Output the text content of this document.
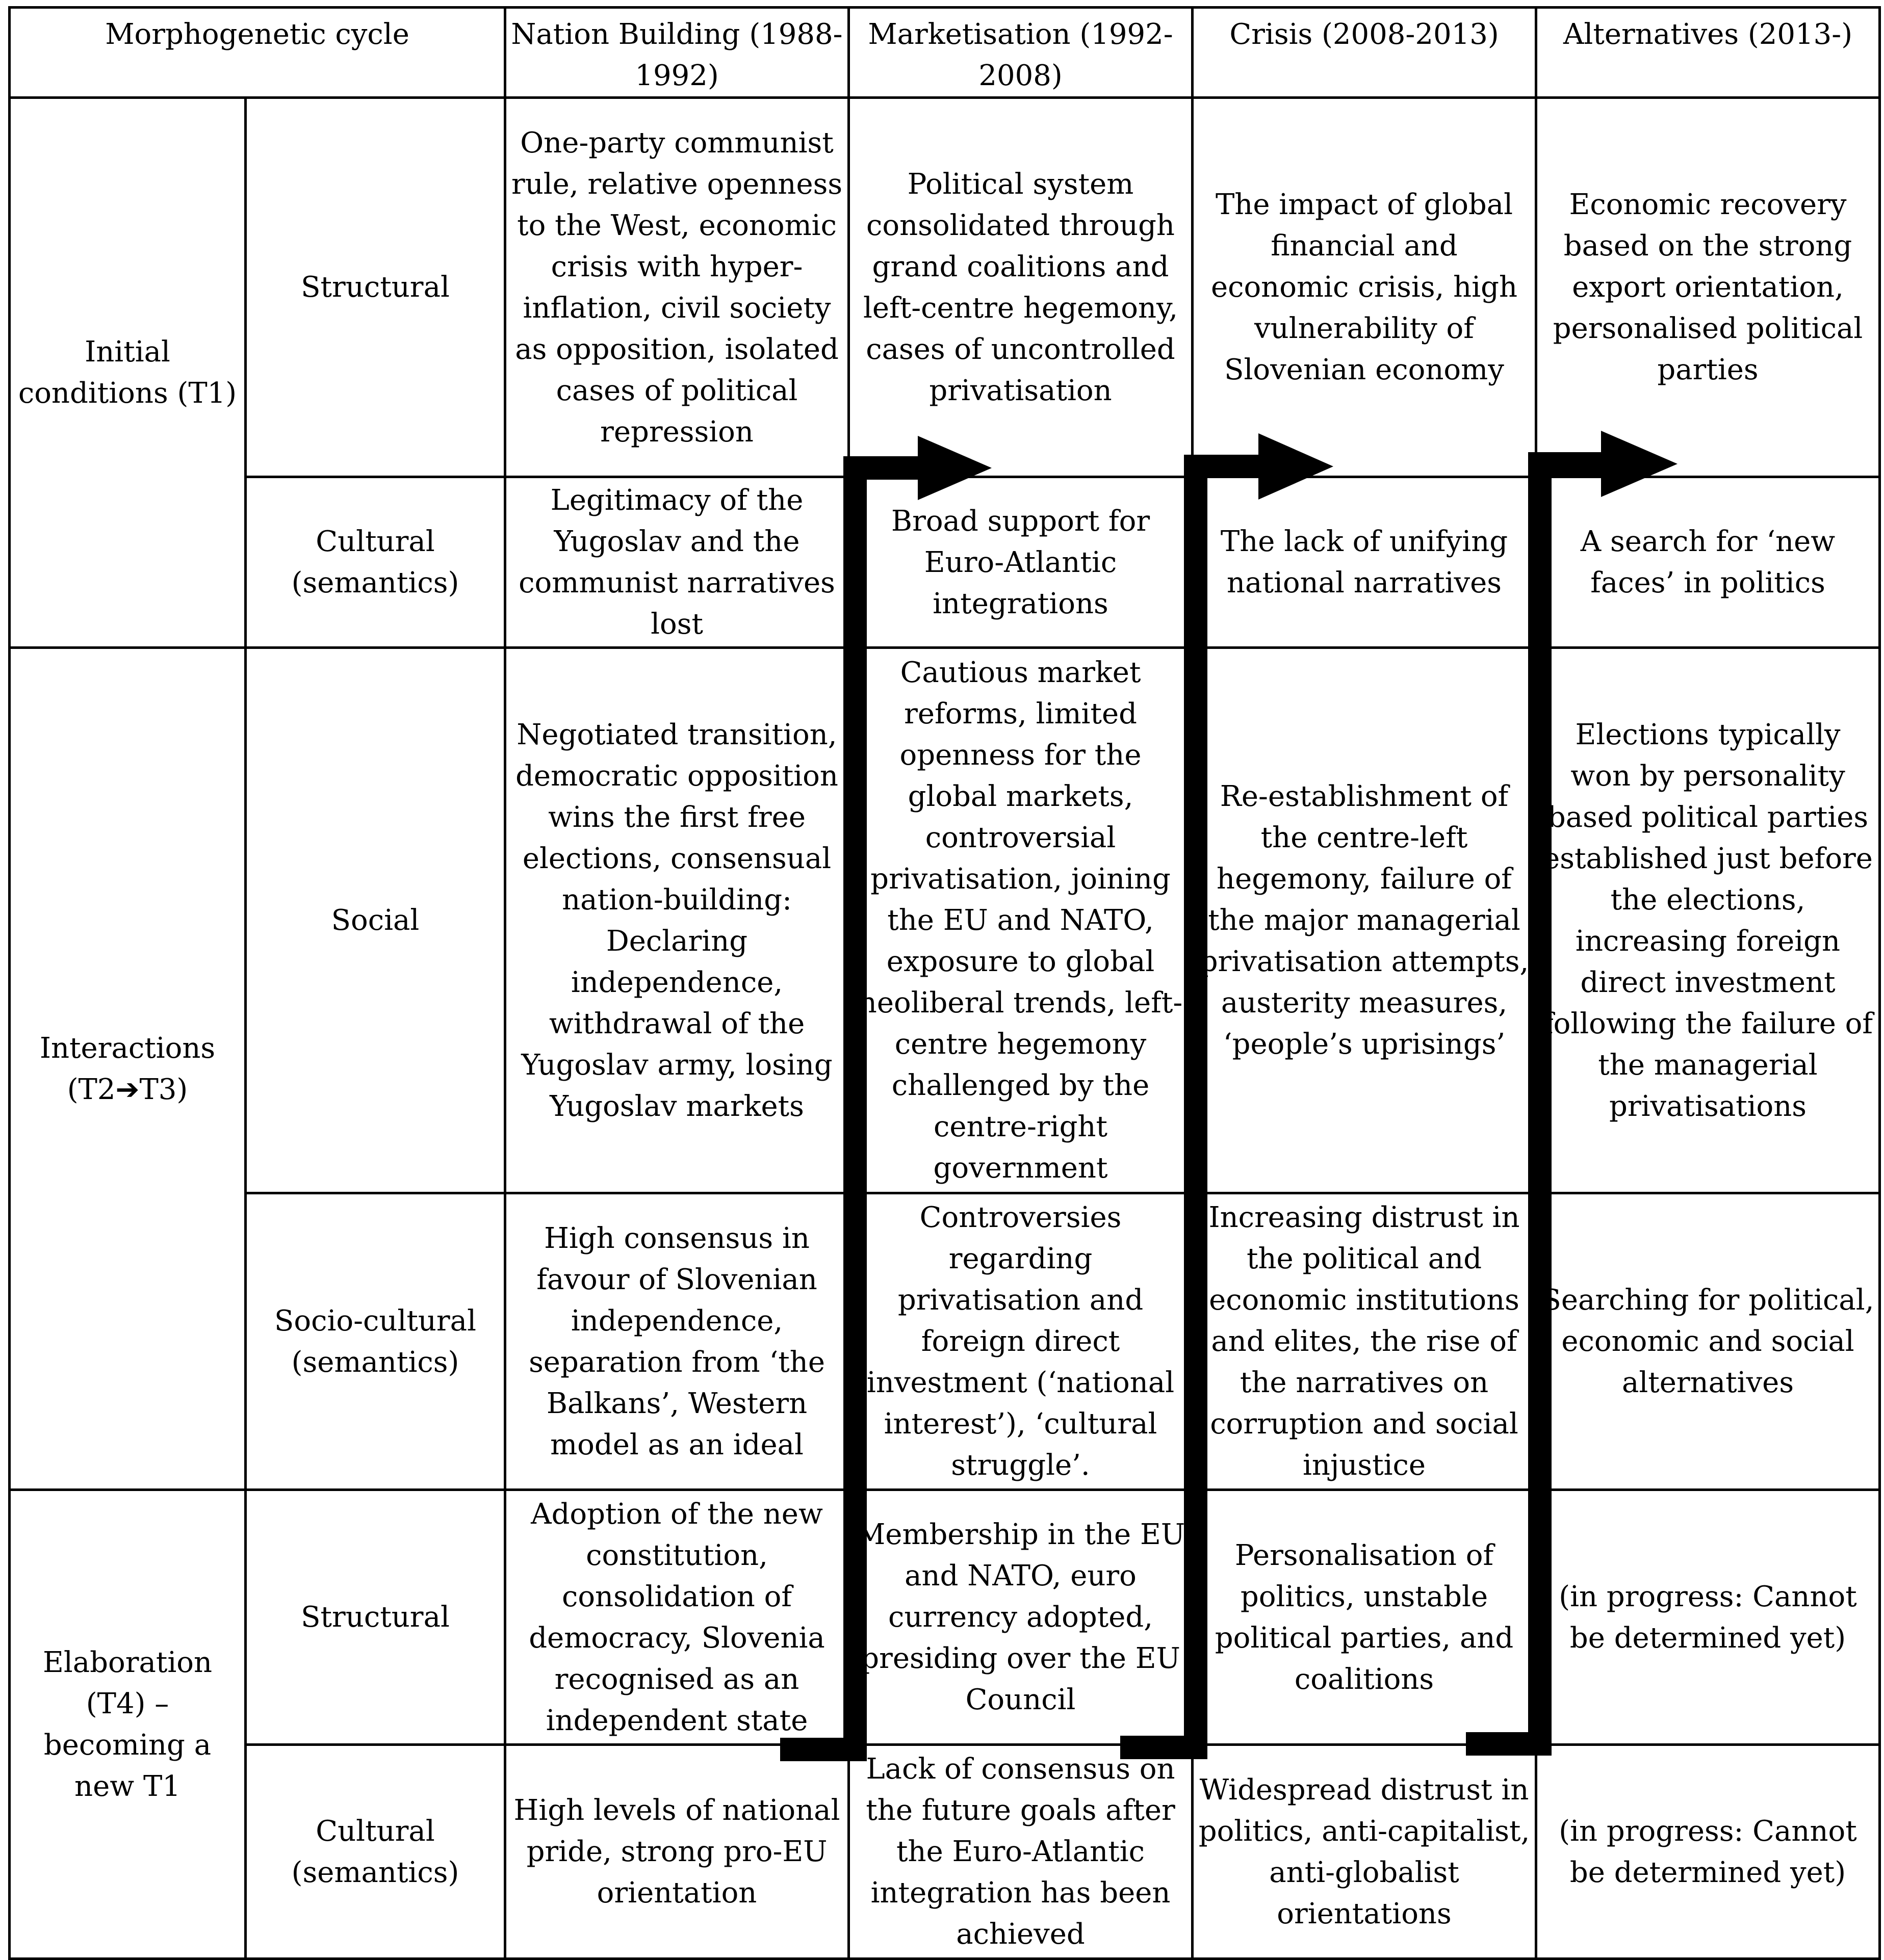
Morphogenetic cycle		Nation Building (1988-1992)	Marketisation (1992-2008)	Crisis (2008-2013)	Alternatives (2013-)
Initial conditions (T1)	Structural	One-party communist rule, relative openness to the West, economic crisis with hyper-inflation, civil society as opposition, isolated cases of political repression	Political system consolidated through grand coalitions and left-centre hegemony, cases of uncontrolled privatisation	The impact of global financial and economic crisis, high vulnerability of Slovenian economy	Economic recovery based on the strong export orientation, personalised political parties
	Cultural (semantics)	Legitimacy of the Yugoslav and the communist narratives lost	Broad support for Euro-Atlantic integrations	The lack of unifying national narratives	A search for ‘new faces’ in politics
Interactions (T2➔T3)	Social	Negotiated transition, democratic opposition wins the first free elections, consensual nation-building: Declaring independence, withdrawal of the Yugoslav army, losing Yugoslav markets	Cautious market reforms, limited openness for the global markets, controversial privatisation, joining the EU and NATO, exposure to global neoliberal trends, left-centre hegemony challenged by the centre-right government	Re-establishment of the centre-left hegemony, failure of the major managerial privatisation attempts, austerity measures, ‘people’s uprisings’	Elections typically won by personality based political parties established just before the elections, increasing foreign direct investment following the failure of the managerial privatisations
	Socio-cultural (semantics)	High consensus in favour of Slovenian independence, separation from ‘the Balkans’, Western model as an ideal	Controversies regarding privatisation and foreign direct investment (‘national interest’), ‘cultural struggle’.	Increasing distrust in the political and economic institutions and elites, the rise of the narratives on corruption and social injustice	Searching for political, economic and social alternatives
Elaboration (T4) – becoming a new T1	Structural	Adoption of the new constitution, consolidation of democracy, Slovenia recognised as an independent state	Membership in the EU and NATO, euro currency adopted, presiding over the EU Council	Personalisation of politics, unstable political parties, and coalitions	(in progress: Cannot be determined yet)
	Cultural (semantics)	High levels of national pride, strong pro-EU orientation	Lack of consensus on the future goals after the Euro-Atlantic integration has been achieved	Widespread distrust in politics, anti-capitalist, anti-globalist orientations	(in progress: Cannot be determined yet)
